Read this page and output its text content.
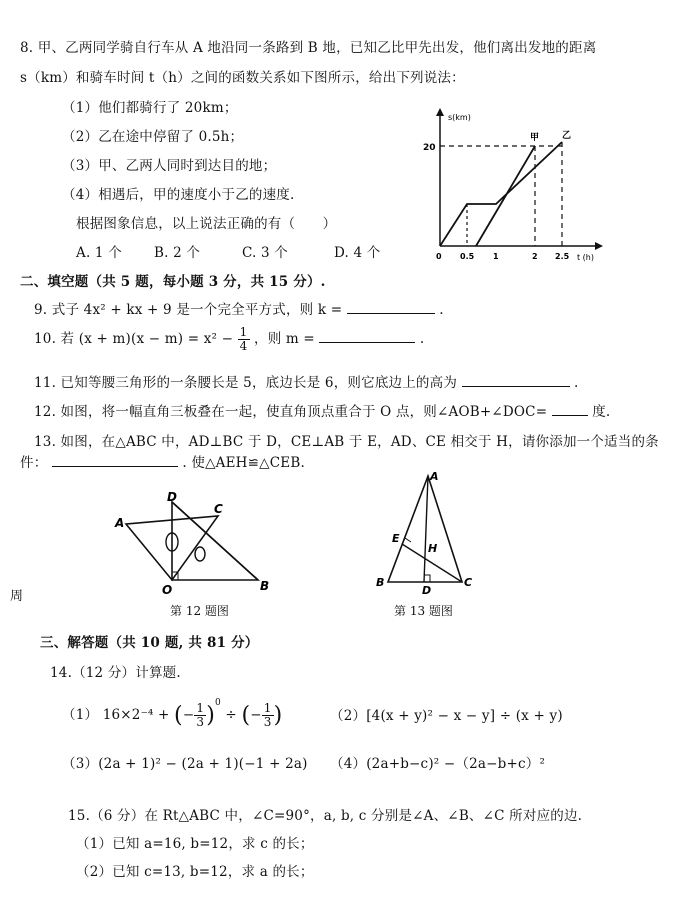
8. 甲、乙两同学骑自行车从 A 地沿同一条路到 B 地，已知乙比甲先出发，他们离出发地的距离
s（km）和骑车时间 t（h）之间的函数关系如下图所示，给出下列说法：
（1）他们都骑行了 20km；
（2）乙在途中停留了 0.5h；
（3）甲、乙两人同时到达目的地；
（4）相遇后，甲的速度小于乙的速度.
根据图象信息，以上说法正确的有（　　）
A. 1 个 B. 2 个	C. 3 个	D. 4 个
s(km)
t (h)
20
0 0.5 1	2 2.5
甲	乙
二、填空题（共 5 题，每小题 3 分，共 15 分）.
9. 式子 4x² + kx + 9 是一个完全平方式，则 k =	.
10. 若 $(x + m)(x - m) = x^2 - \frac{1}{4}$ ，则 m =	.
11. 已知等腰三角形的一条腰长是 5，底边长是 6，则它底边上的高为	.
12. 如图，将一幅直角三板叠在一起，使直角顶点重合于 O 点，则∠AOB+∠DOC=	度.
13. 如图，在△ABC 中，AD⊥BC 于 D，CE⊥AB 于 E，AD、CE 相交于 H，请你添加一个适当的条
件：	. 使△AEH≌△CEB.
A
D
C
O	B
第 12 题图
A
E
H
B
D
C
第 13 题图
周
三、解答题（共 10 题, 共 81 分）
14.（12 分）计算题.
（1） 16×2⁻⁴ + (− $\frac{1}{3} )^0$ ÷ (− $\frac{1}{3}$ )	（2）[4(x + y)² − x − y] ÷ (x + y)
（3）(2a + 1)² − (2a + 1)(−1 + 2a) （4）(2a+b−c)² −（2a−b+c）²
15.（6 分）在 Rt△ABC 中，∠C=90°，a, b, c 分别是∠A、∠B、∠C 所对应的边.
（1）已知 a=16, b=12，求 c 的长；
（2）已知 c=13, b=12，求 a 的长；
